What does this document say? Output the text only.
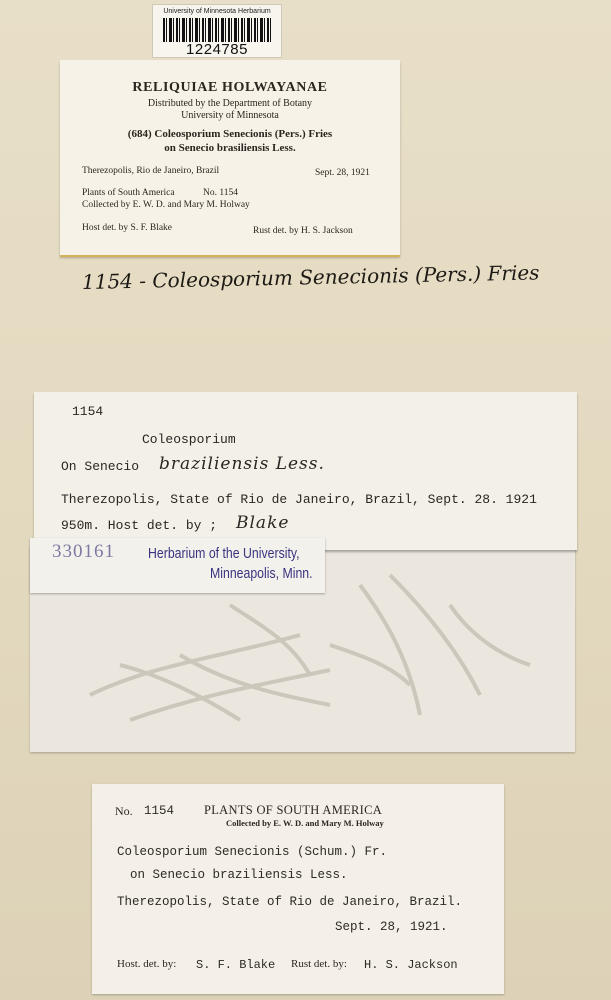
University of Minnesota Herbarium
1224785
RELIQUIAE HOLWAYANAE
Distributed by the Department of Botany
University of Minnesota
(684) Coleosporium Senecionis (Pers.) Fries
on Senecio brasiliensis Less.
Therezopolis, Rio de Janeiro, Brazil	Sept. 28, 1921
Plants of South America	No. 1154
Collected by E. W. D. and Mary M. Holway
Host det. by S. F. Blake	Rust det. by H. S. Jackson
1154 - Coleosporium Senecionis (Pers.) Fries
1154
Coleosporium
On Senecio braziliensis Less.
Therezopolis, State of Rio de Janeiro, Brazil, Sept. 28. 1921
950m. Host det. by ; Blake
330161 Herbarium of the University,
Minneapolis, Minn.
No. 1154 PLANTS OF SOUTH AMERICA
Collected by E. W. D. and Mary M. Holway
Coleosporium Senecionis (Schum.) Fr.
on Senecio braziliensis Less.
Therezopolis, State of Rio de Janeiro, Brazil.
Sept. 28, 1921.
Host. det. by: S. F. Blake Rust det. by: H. S. Jackson
